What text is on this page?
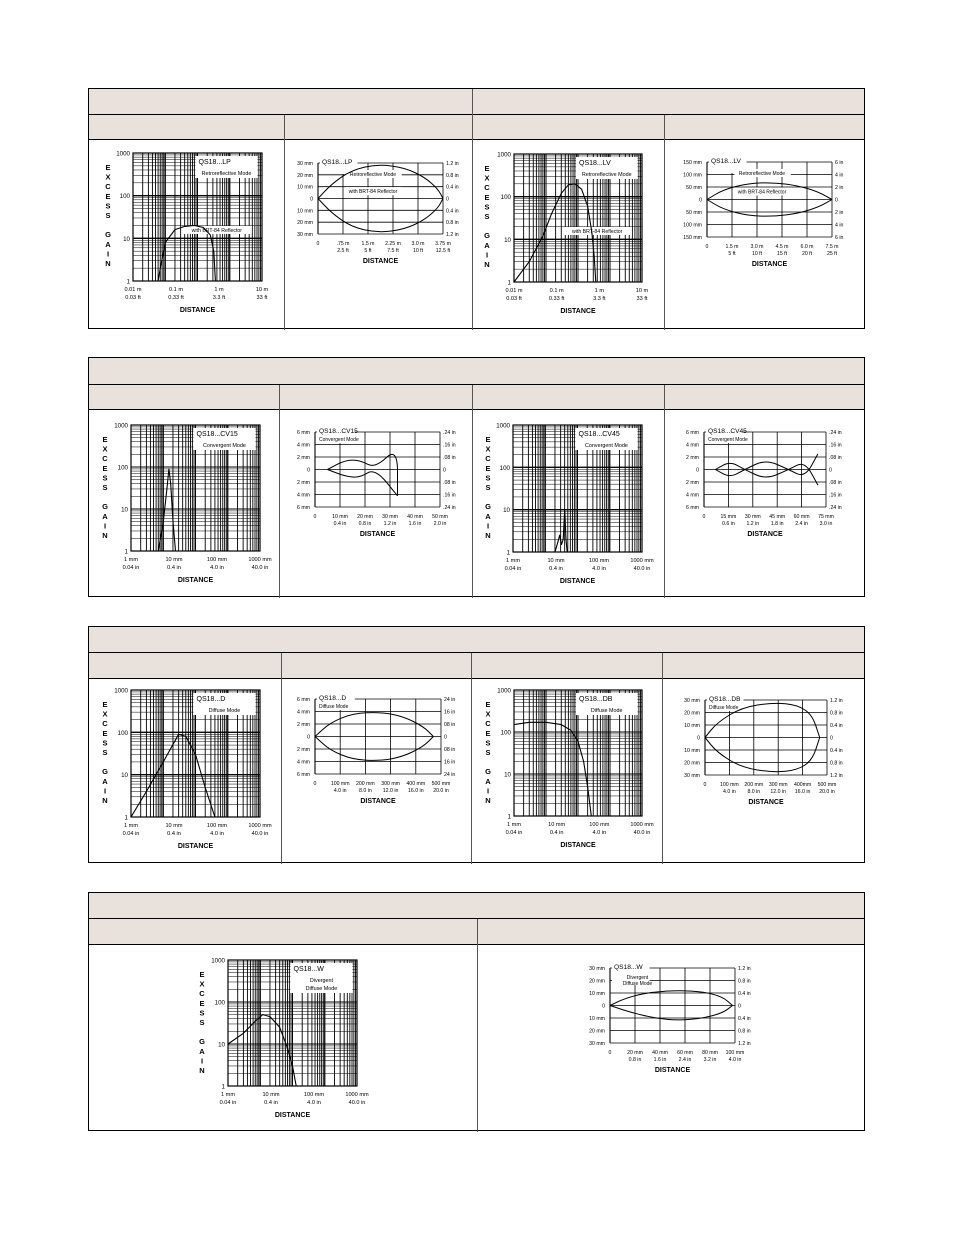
1
10
100
1000
E
X
C
E
S
S
G
A
I
N
0.01 m
0.03 ft
0.1 m
0.33 ft
1 m
3.3 ft
10 m
33 ft
DISTANCE
QS18...LP
Retroreflective Mode
with BRT-84 Reflector
30 mm
20 mm
10 mm
0
10 mm
20 mm
30 mm
1.2 in
0.8 in
0.4 in
0
0.4 in
0.8 in
1.2 in
0	.75 m
2.5 ft
1.5 m
5 ft
2.25 m
7.5 ft
3.0 m
10 ft
3.75 m
12.5 ft
DISTANCE
QS18...LP
Retroreflective Mode
with BRT-84 Reflector
1
10
100
1000
E
X
C
E
S
S
G
A
I
N
0.01 m
0.03 ft
0.1 m
0.33 ft
1 m
3.3 ft
10 m
33 ft
DISTANCE
QS18...LV
Retroreflective Mode
with BRT-84 Reflector
150 mm
100 mm
50 mm
0
50 mm
100 mm
150 mm
6 in
4 in
2 in
0
2 in
4 in
6 in
0	1.5 m
5 ft
3.0 m
10 ft
4.5 m
15 ft
6.0 m
20 ft
7.5 m
25 ft
DISTANCE
QS18...LV
Retroreflective Mode
with BRT-84 Reflector
1
10
100
1000
E
X
C
E
S
S
G
A
I
N
1 mm
0.04 in
10 mm
0.4 in
100 mm
4.0 in
1000 mm
40.0 in
DISTANCE
QS18...CV15
Convergent Mode
6 mm
4 mm
2 mm
0
2 mm
4 mm
6 mm
.24 in
.16 in
.08 in
0
.08 in
.16 in
.24 in
0	10 mm
0.4 in
20 mm
0.8 in
30 mm
1.2 in
40 mm
1.6 in
50 mm
2.0 in
DISTANCE
QS18...CV15
Convergent Mode
1
10
100
1000
E
X
C
E
S
S
G
A
I
N
1 mm
0.04 in
10 mm
0.4 in
100 mm
4.0 in
1000 mm
40.0 in
DISTANCE
QS18...CV45
Convergent Mode
6 mm
4 mm
2 mm
0
2 mm
4 mm
6 mm
.24 in
.16 in
.08 in
0
.08 in
.16 in
.24 in
0	15 mm
0.6 in
30 mm
1.2 in
45 mm
1.8 in
60 mm
2.4 in
75 mm
3.0 in
DISTANCE
QS18...CV45
Convergent Mode
1
10
100
1000
E
X
C
E
S
S
G
A
I
N
1 mm
0.04 in
10 mm
0.4 in
100 mm
4.0 in
1000 mm
40.0 in
DISTANCE
QS18...D
Diffuse Mode
6 mm
4 mm
2 mm
0
2 mm
4 mm
6 mm
24 in
16 in
08 in
0
08 in
16 in
24 in
0	100 mm
4.0 in
200 mm
8.0 in
300 mm
12.0 in
400 mm
16.0 in
500 mm
20.0 in
DISTANCE
QS18...D
Diffuse Mode
1
10
100
1000
E
X
C
E
S
S
G
A
I
N
1 mm
0.04 in
10 mm
0.4 in
100 mm
4.0 in
1000 mm
40.0 in
DISTANCE
QS18...DB
Diffuse Mode
30 mm
20 mm
10 mm
0
10 mm
20 mm
30 mm
1.2 in
0.8 in
0.4 in
0
0.4 in
0.8 in
1.2 in
0	100 mm
4.0 in
200 mm
8.0 in
300 mm
12.0 in
400mm
16.0 in
500 mm
20.0 in
DISTANCE
QS18...DB
Diffuse Mode
1
10
100
1000
E
X
C
E
S
S
G
A
I
N
1 mm
0.04 in
10 mm
0.4 in
100 mm
4.0 in
1000 mm
40.0 in
DISTANCE
QS18...W
Divergent
Diffuse Mode
30 mm
20 mm
10 mm
0
10 mm
20 mm
30 mm
1.2 in
0.8 in
0.4 in
0
0.4 in
0.8 in
1.2 in
0	20 mm
0.8 in
40 mm
1.6 in
60 mm
2.4 in
80 mm
3.2 in
100 mm
4.0 in
DISTANCE
QS18...W
Divergent
Diffuse Mode
